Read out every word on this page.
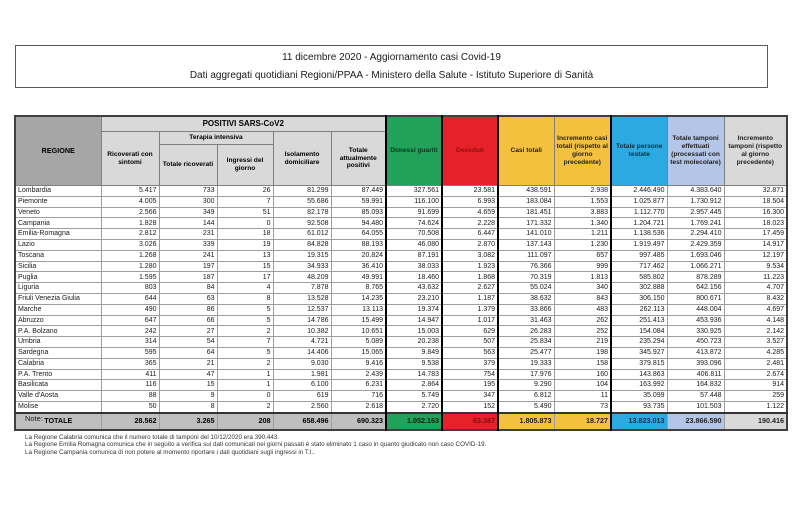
11 dicembre 2020 - Aggiornamento casi Covid-19
Dati aggregati quotidiani Regioni/PPAA - Ministero della Salute - Istituto Superiore di Sanità
REGIONE	POSITIVI SARS-CoV2					Dimessi guariti	Deceduti	Casi totali	Incremento casi totali (rispetto al giorno precedente)	Totale persone testate	Totale tamponi effettuati (processati con test molecolare)	Incremento tamponi (rispetto al giorno precedente)
	Ricoverati con sintomi	Terapia intensiva		Isolamento domiciliare	Totale attualmente positivi							
		Totale ricoverati	Ingressi del giorno									
Lombardia	5.417	733	26	81.299	87.449	327.561	23.581	438.591	2.938	2.446.490	4.383.640	32.871
Piemonte	4.005	300	7	55.686	59.991	116.100	6.993	183.084	1.553	1.025.877	1.730.912	18.504
Veneto	2.566	349	51	82.178	85.093	91.699	4.659	181.451	3.883	1.112.770	2.957.445	16.300
Campania	1.828	144	0	92.508	94.480	74.624	2.228	171.332	1.340	1.204.721	1.769.241	18.023
Emilia-Romagna	2.812	231	18	61.012	64.055	70.508	6.447	141.010	1.211	1.138.536	2.294.410	17.459
Lazio	3.026	339	19	84.828	88.193	46.080	2.870	137.143	1.230	1.919.497	2.429.359	14.917
Toscana	1.268	241	13	19.315	20.824	87.191	3.082	111.097	657	997.485	1.693.046	12.197
Sicilia	1.280	197	15	34.933	36.410	38.033	1.923	76.366	999	717.462	1.066.271	9.534
Puglia	1.595	187	17	48.209	49.991	18.460	1.868	70.319	1.813	585.802	878.289	11.223
Liguria	803	84	4	7.878	8.765	43.632	2.627	55.024	340	302.888	642.156	4.707
Friuli Venezia Giulia	644	63	8	13.528	14.235	23.210	1.187	38.632	843	306.150	800.671	8.432
Marche	490	86	5	12.537	13.113	19.374	1.379	33.866	483	262.113	448.004	4.697
Abruzzo	647	66	5	14.786	15.499	14.947	1.017	31.463	262	251.413	453.936	4.148
P.A. Bolzano	242	27	2	10.382	10.651	15.003	629	26.283	252	154.084	330.925	2.142
Umbria	314	54	7	4.721	5.089	20.238	507	25.834	219	235.294	450.723	3.527
Sardegna	595	64	5	14.406	15.065	9.849	563	25.477	198	345.927	413.872	4.285
Calabria	365	21	2	9.030	9.416	9.538	379	19.333	158	379.815	393.096	2.481
P.A. Trento	411	47	1	1.981	2.439	14.783	754	17.976	160	143.863	406.811	2.674
Basilicata	116	15	1	6.100	6.231	2.864	195	9.290	104	163.992	164.832	914
Valle d'Aosta	88	9	0	619	716	5.749	347	6.812	11	35.099	57.448	259
Molise	50	8	2	2.560	2.618	2.720	152	5.490	73	93.735	101.503	1.122
TOTALE	28.562	3.265	208	658.496	690.323	1.052.163	63.387	1.805.873	18.727	13.823.013	23.866.590	190.416
Note:
La Regione Calabria comunica che il numero totale di tamponi del 10/12/2020 era 390.443.
La Regione Emilia Romagna comunica che in seguito a verifica sui dati comunicati nei giorni passati è stato eliminato 1 caso in quanto giudicato non caso COVID-19.
La Regione Campania comunica di non potere al momento riportare i dati quotidiani sugli ingressi in T.I..
